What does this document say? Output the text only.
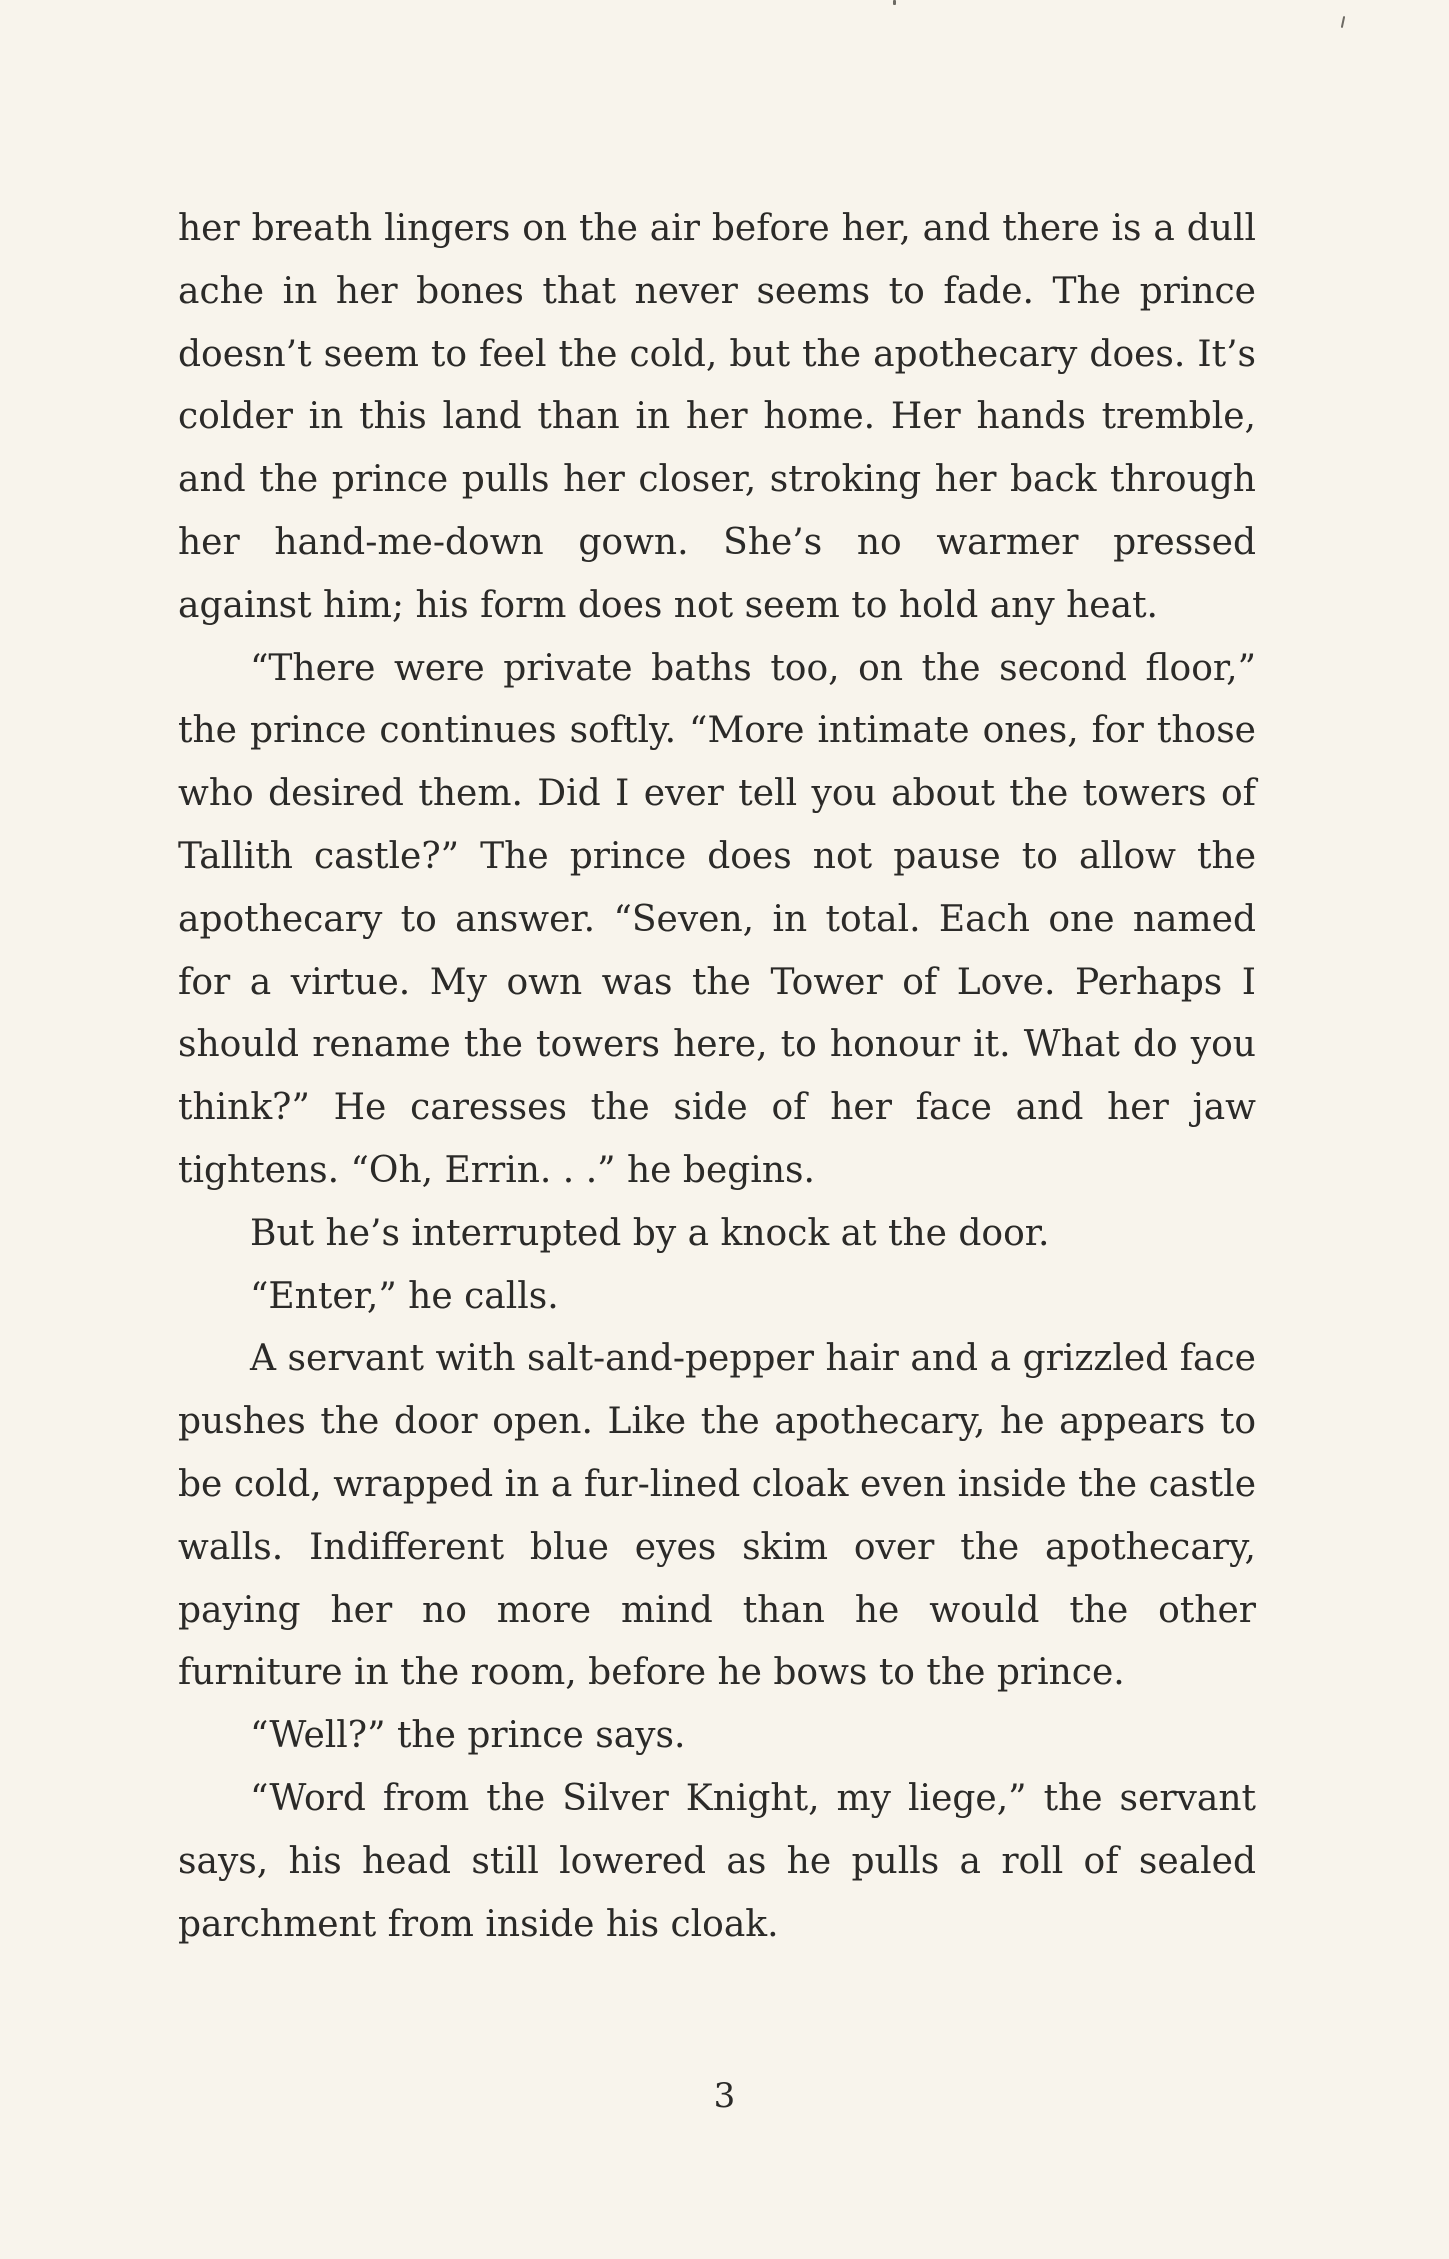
her breath lingers on the air before her, and there is a dull ache in her bones that never seems to fade. The prince doesn’t seem to feel the cold, but the apothecary does. It’s colder in this land than in her home. Her hands tremble, and the prince pulls her closer, stroking her back through her hand-me-down gown. She’s no warmer pressed against him; his form does not seem to hold any heat.

“There were private baths too, on the second floor,” the prince continues softly. “More intimate ones, for those who desired them. Did I ever tell you about the towers of Tallith castle?” The prince does not pause to allow the apothecary to answer. “Seven, in total. Each one named for a virtue. My own was the Tower of Love. Perhaps I should rename the towers here, to honour it. What do you think?” He caresses the side of her face and her jaw tightens. “Oh, Errin. . .” he begins.

But he’s interrupted by a knock at the door.

“Enter,” he calls.

A servant with salt-and-pepper hair and a grizzled face pushes the door open. Like the apothecary, he appears to be cold, wrapped in a fur-lined cloak even inside the castle walls. Indifferent blue eyes skim over the apothecary, paying her no more mind than he would the other furniture in the room, before he bows to the prince.

“Well?” the prince says.

“Word from the Silver Knight, my liege,” the servant says, his head still lowered as he pulls a roll of sealed parchment from inside his cloak.

3
